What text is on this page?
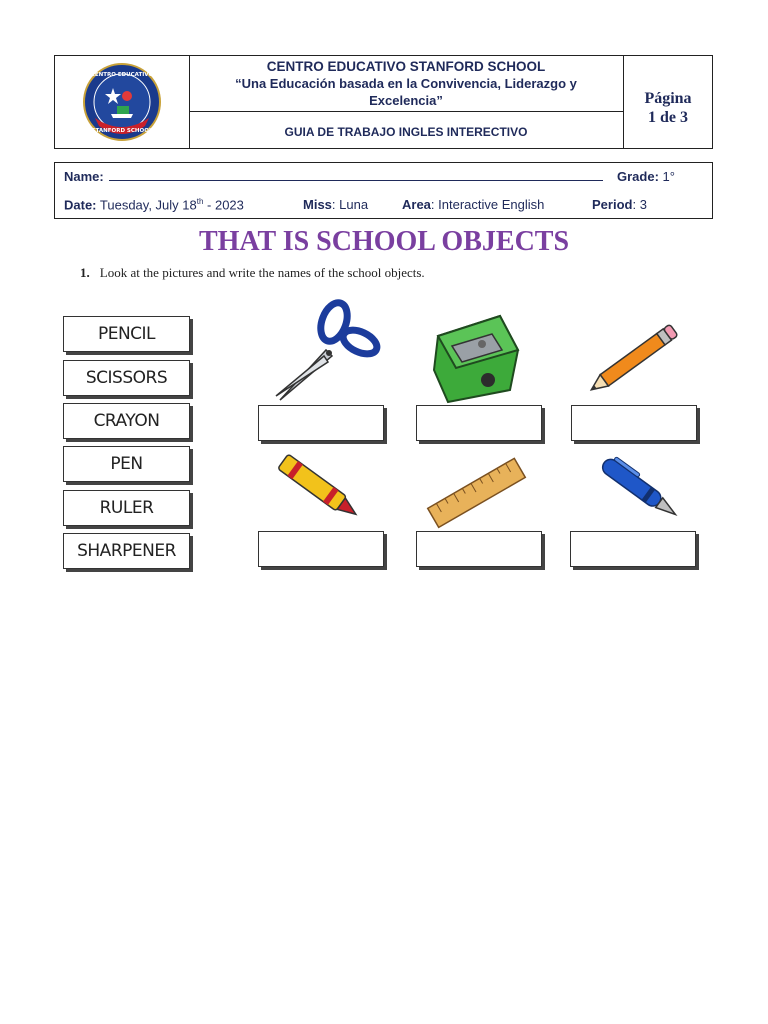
CENTRO EDUCATIVO
STANFORD SCHOOL
CENTRO EDUCATIVO STANFORD SCHOOL
“Una Educación basada en la Convivencia, Liderazgo y
Excelencia”
GUIA DE TRABAJO INGLES INTERECTIVO
Página
1 de 3
Name:	Grade: 1°
Date: Tuesday, July 18th - 2023	Miss: Luna	Area: Interactive English	Period: 3
THAT IS SCHOOL OBJECTS
1. Look at the pictures and write the names of the school objects.
PENCIL
SCISSORS
CRAYON
PEN
RULER
SHARPENER
